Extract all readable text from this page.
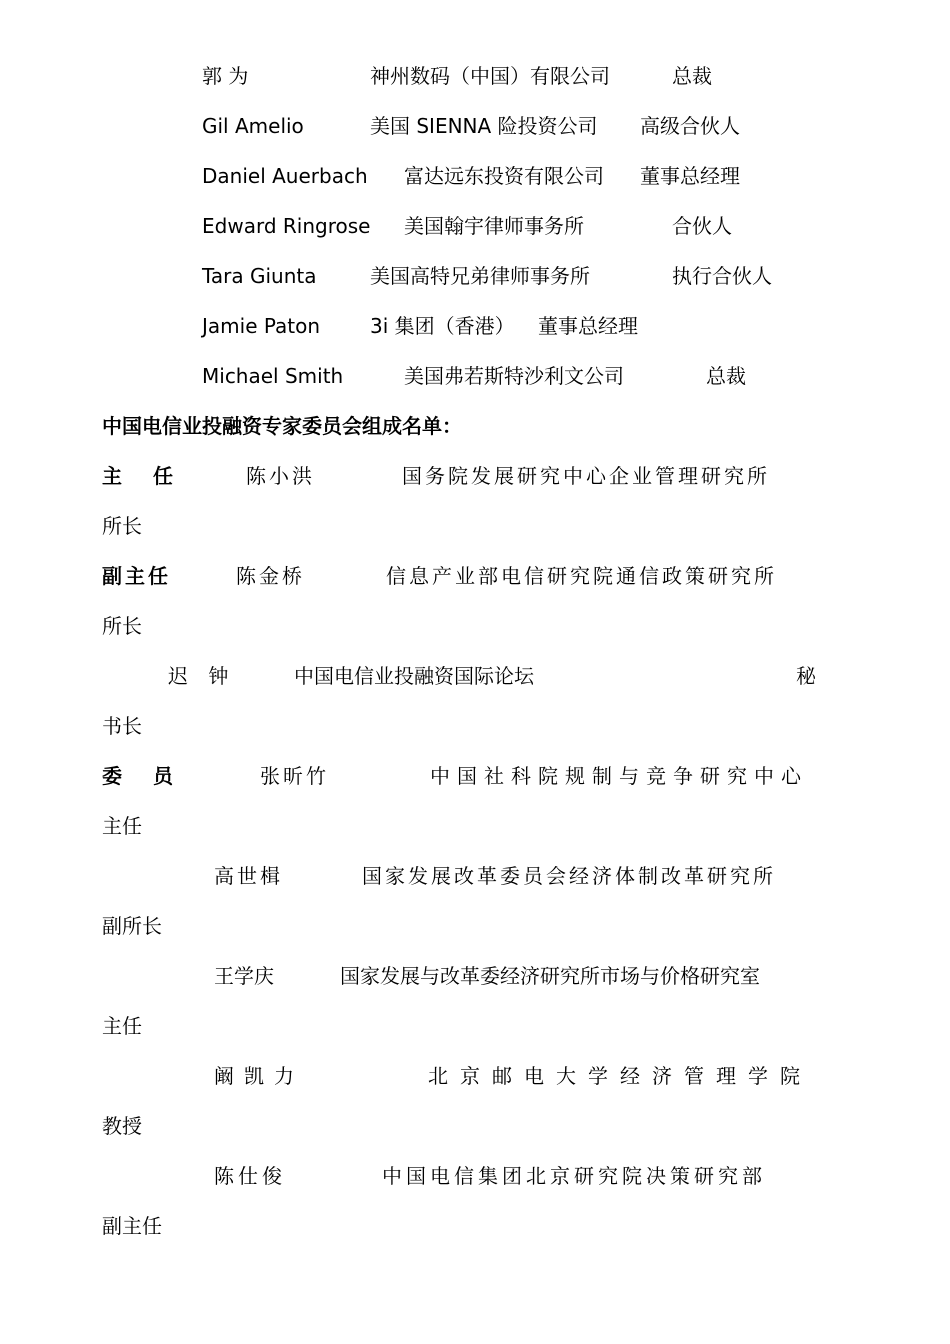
郭 为	神州数码（中国）有限公司	总裁
Gil Amelio	美国 SIENNA 险投资公司 高级合伙人
Daniel Auerbach 富达远东投资有限公司 董事总经理
Edward Ringrose 美国翰宇律师事务所	合伙人
Tara Giunta	美国高特兄弟律师事务所	执行合伙人
Jamie Paton 3i 集团（香港） 董事总经理
Michael Smith	美国弗若斯特沙利文公司	总裁
中国电信业投融资专家委员会组成名单：
主 任	陈小洪	国务院发展研究中心企业管理研究所
所长
副主任	陈金桥	信息产业部电信研究院通信政策研究所
所长
迟 钟	中国电信业投融资国际论坛	秘
书长
委 员	张昕竹	中国社科院规制与竞争研究中心
主任
高世楫	国家发展改革委员会经济体制改革研究所
副所长
王学庆	国家发展与改革委经济研究所市场与价格研究室
主任
阚凯力	北京邮电大学经济管理学院
教授
陈仕俊	中国电信集团北京研究院决策研究部
副主任
